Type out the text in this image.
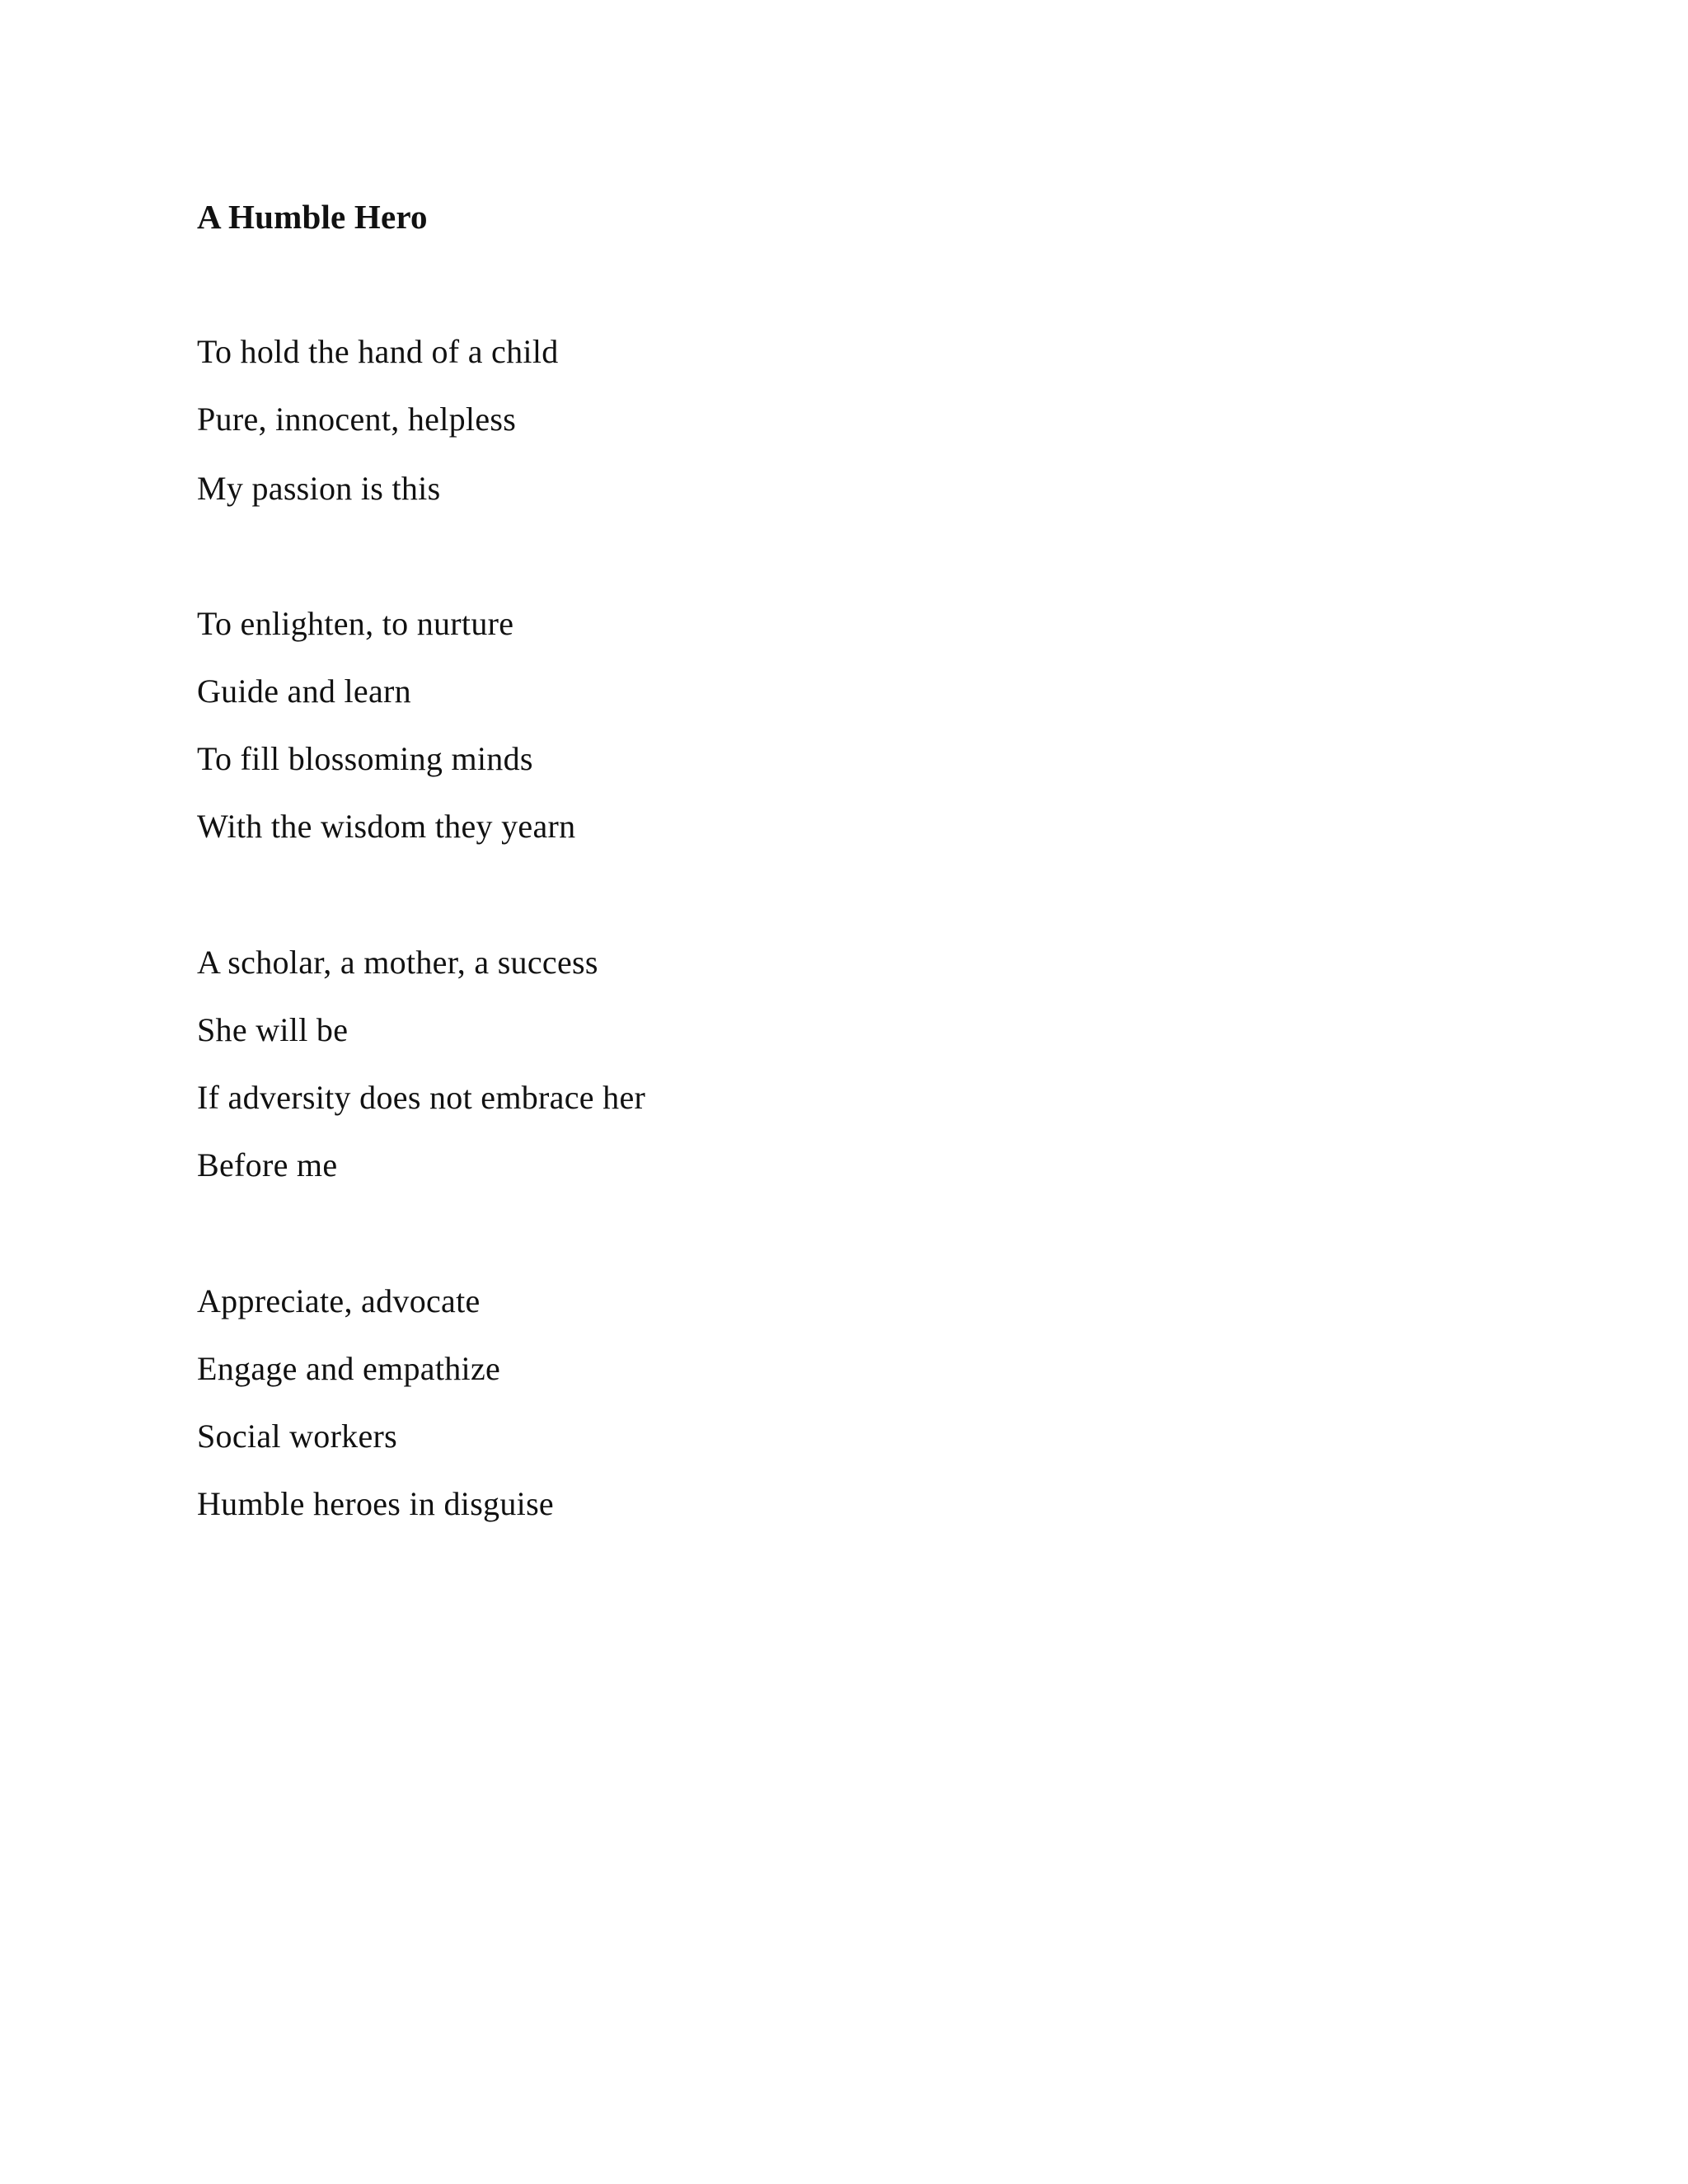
A Humble Hero
To hold the hand of a child
Pure, innocent, helpless
My passion is this
To enlighten, to nurture
Guide and learn
To fill blossoming minds
With the wisdom they yearn
A scholar, a mother, a success
She will be
If adversity does not embrace her
Before me
Appreciate, advocate
Engage and empathize
Social workers
Humble heroes in disguise
